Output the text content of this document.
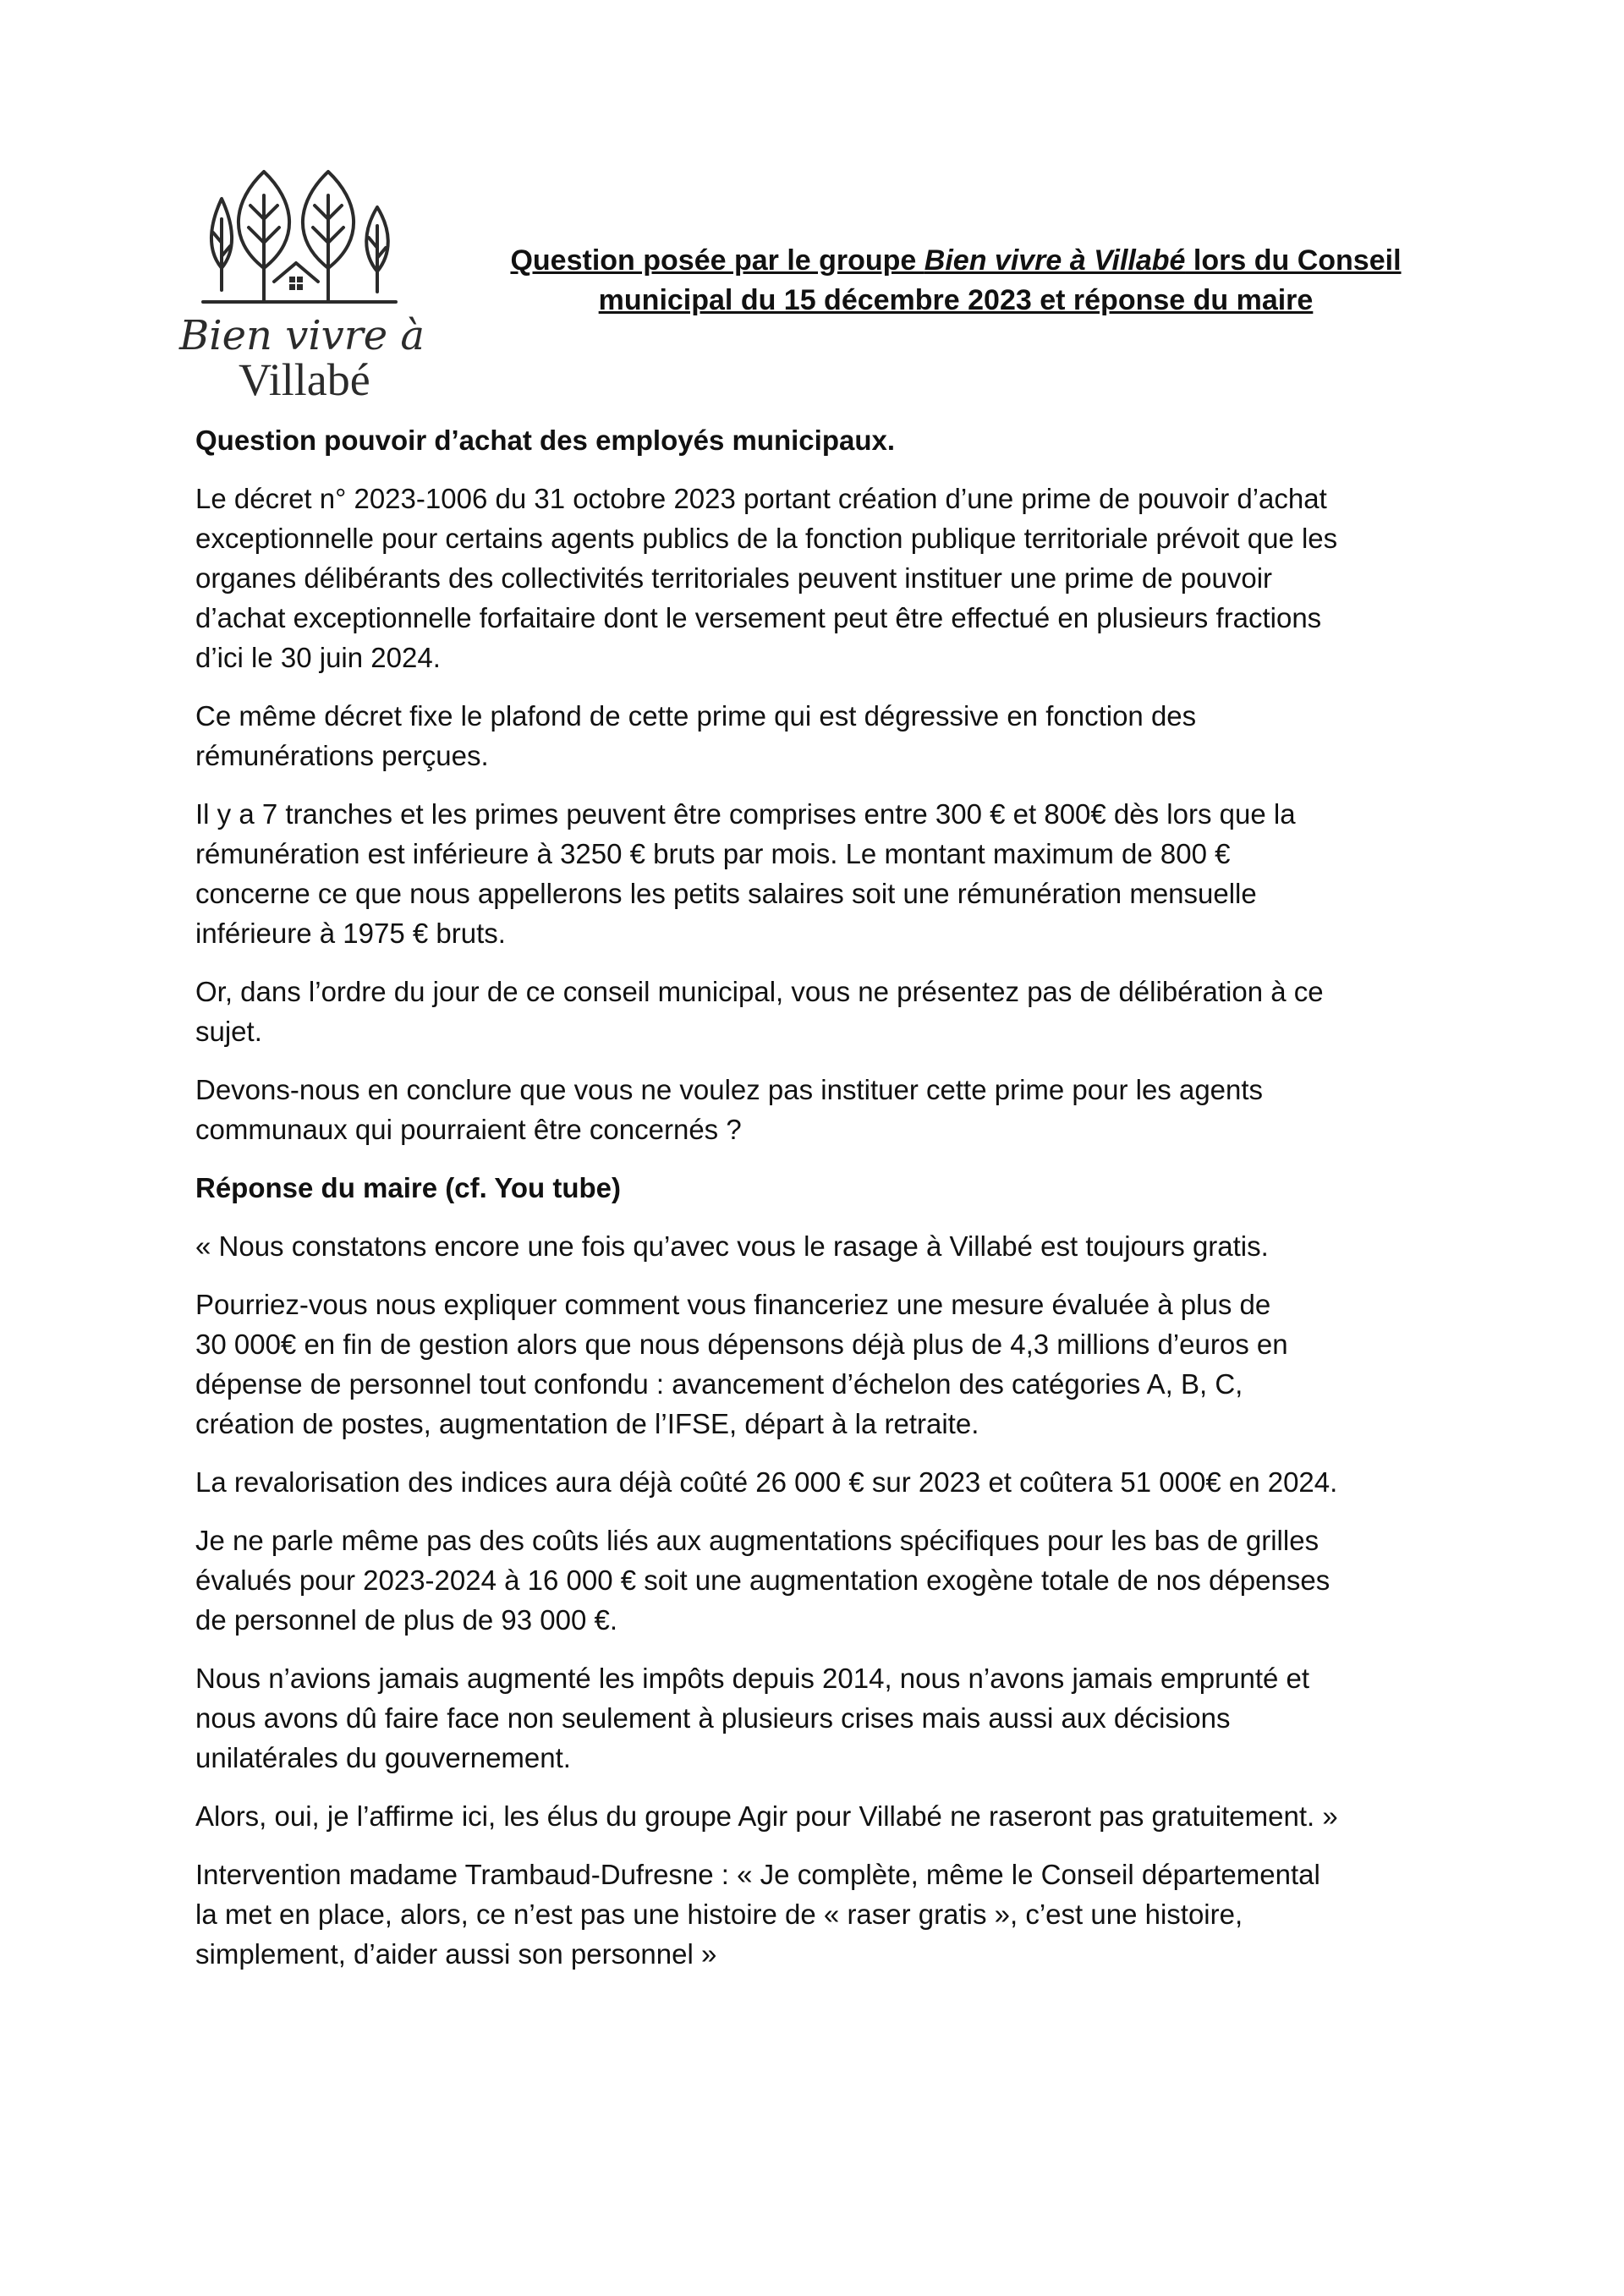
Bien vivre à
Villabé
Question posée par le groupe Bien vivre à Villabé lors du Conseil
municipal du 15 décembre 2023 et réponse du maire

Question pouvoir d’achat des employés municipaux.

Le décret n° 2023-1006 du 31 octobre 2023 portant création d’une prime de pouvoir d’achat
exceptionnelle pour certains agents publics de la fonction publique territoriale prévoit que les
organes délibérants des collectivités territoriales peuvent instituer une prime de pouvoir
d’achat exceptionnelle forfaitaire dont le versement peut être effectué en plusieurs fractions
d’ici le 30 juin 2024.

Ce même décret fixe le plafond de cette prime qui est dégressive en fonction des
rémunérations perçues.

Il y a 7 tranches et les primes peuvent être comprises entre 300 € et 800€ dès lors que la
rémunération est inférieure à 3250 € bruts par mois. Le montant maximum de 800 €
concerne ce que nous appellerons les petits salaires soit une rémunération mensuelle
inférieure à 1975 € bruts.

Or, dans l’ordre du jour de ce conseil municipal, vous ne présentez pas de délibération à ce
sujet.

Devons-nous en conclure que vous ne voulez pas instituer cette prime pour les agents
communaux qui pourraient être concernés ?

Réponse du maire (cf. You tube)

« Nous constatons encore une fois qu’avec vous le rasage à Villabé est toujours gratis.

Pourriez-vous nous expliquer comment vous financeriez une mesure évaluée à plus de
30 000€ en fin de gestion alors que nous dépensons déjà plus de 4,3 millions d’euros en
dépense de personnel tout confondu : avancement d’échelon des catégories A, B, C,
création de postes, augmentation de l’IFSE, départ à la retraite.

La revalorisation des indices aura déjà coûté 26 000 € sur 2023 et coûtera 51 000€ en 2024.

Je ne parle même pas des coûts liés aux augmentations spécifiques pour les bas de grilles
évalués pour 2023-2024 à 16 000 € soit une augmentation exogène totale de nos dépenses
de personnel de plus de 93 000 €.

Nous n’avions jamais augmenté les impôts depuis 2014, nous n’avons jamais emprunté et
nous avons dû faire face non seulement à plusieurs crises mais aussi aux décisions
unilatérales du gouvernement.

Alors, oui, je l’affirme ici, les élus du groupe Agir pour Villabé ne raseront pas gratuitement. »

Intervention madame Trambaud-Dufresne : « Je complète, même le Conseil départemental
la met en place, alors, ce n’est pas une histoire de « raser gratis », c’est une histoire,
simplement, d’aider aussi son personnel »
